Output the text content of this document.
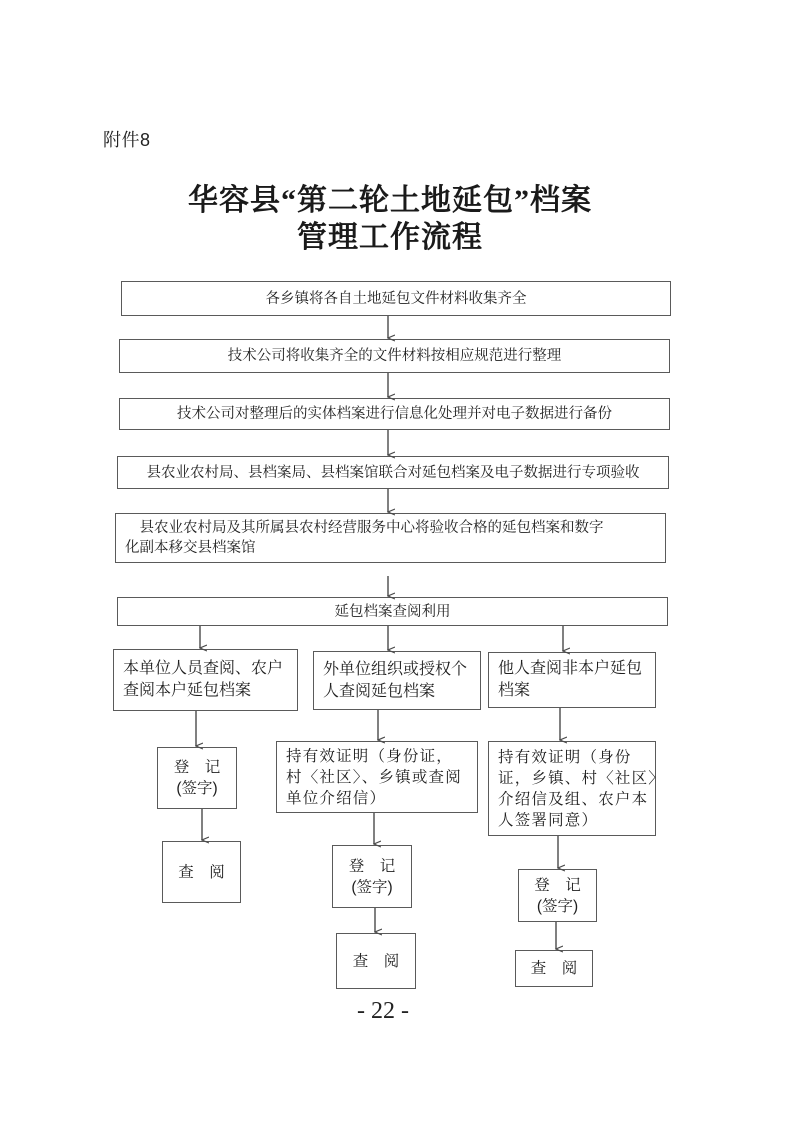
附件8
华容县“第二轮土地延包”档案
管理工作流程
各乡镇将各自土地延包文件材料收集齐全
技术公司将收集齐全的文件材料按相应规范进行整理
技术公司对整理后的实体档案进行信息化处理并对电子数据进行备份
县农业农村局、县档案局、县档案馆联合对延包档案及电子数据进行专项验收
　县农业农村局及其所属县农村经营服务中心将验收合格的延包档案和数字
化副本移交县档案馆
延包档案查阅利用
本单位人员查阅、农户
查阅本户延包档案
登　记
(签字)
查　阅
外单位组织或授权个
人查阅延包档案
持有效证明（身份证，
村〈社区〉、乡镇或查阅
单位介绍信）
登　记
(签字)
查　阅
他人查阅非本户延包
档案
持有效证明（身份
证，乡镇、村〈社区〉
介绍信及组、农户本
人签署同意）
登　记
(签字)
查　阅
- 22 -
